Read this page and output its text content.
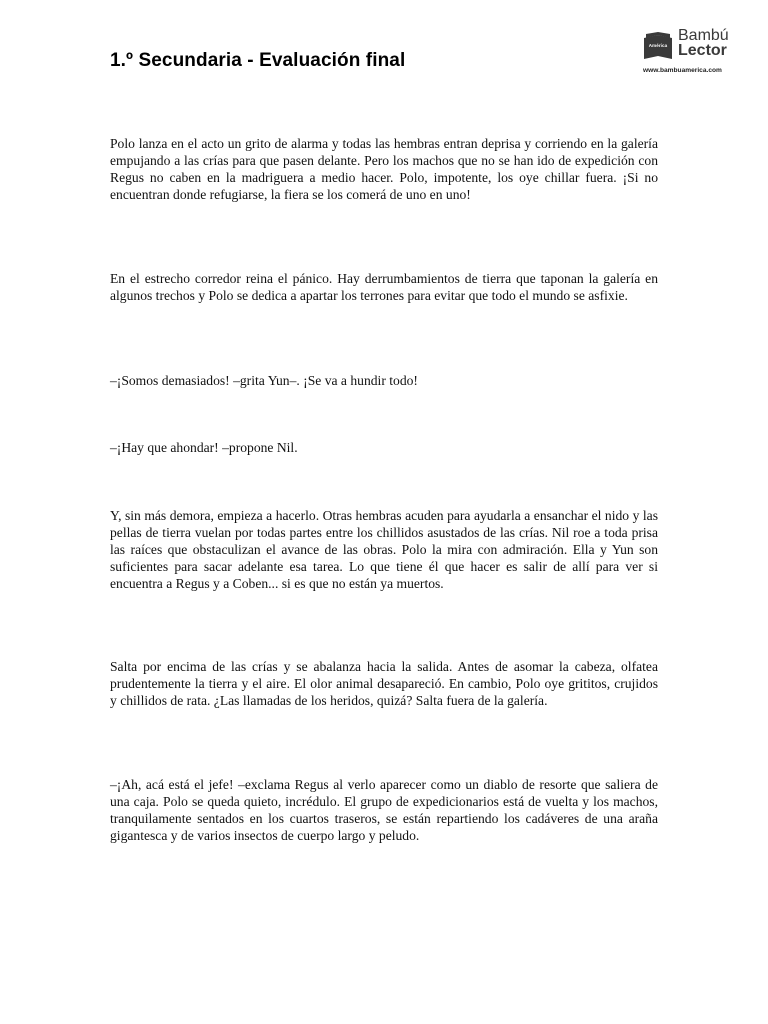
1.º Secundaria - Evaluación final
América
Bambú
Lector
www.bambuamerica.com

Polo lanza en el acto un grito de alarma y todas las hembras entran deprisa y corriendo en la galería empujando a las crías para que pasen delante. Pero los machos que no se han ido de expedición con Regus no caben en la madriguera a medio hacer. Polo, impotente, los oye chillar fuera. ¡Si no encuentran donde refugiarse, la fiera se los comerá de uno en uno!

En el estrecho corredor reina el pánico. Hay derrumbamientos de tierra que taponan la galería en algunos trechos y Polo se dedica a apartar los terrones para evitar que todo el mundo se asfixie.

–¡Somos demasiados! –grita Yun–. ¡Se va a hundir todo!

–¡Hay que ahondar! –propone Nil.

Y, sin más demora, empieza a hacerlo. Otras hembras acuden para ayudarla a ensanchar el nido y las pellas de tierra vuelan por todas partes entre los chillidos asustados de las crías. Nil roe a toda prisa las raíces que obstaculizan el avance de las obras. Polo la mira con admiración. Ella y Yun son suficientes para sacar adelante esa tarea. Lo que tiene él que hacer es salir de allí para ver si encuentra a Regus y a Coben... si es que no están ya muertos.

Salta por encima de las crías y se abalanza hacia la salida. Antes de asomar la cabeza, olfatea prudentemente la tierra y el aire. El olor animal desapareció. En cambio, Polo oye grititos, crujidos y chillidos de rata. ¿Las llamadas de los heridos, quizá? Salta fuera de la galería.

–¡Ah, acá está el jefe! –exclama Regus al verlo aparecer como un diablo de resorte que saliera de una caja. Polo se queda quieto, incrédulo. El grupo de expedicionarios está de vuelta y los machos, tranquilamente sentados en los cuartos traseros, se están repartiendo los cadáveres de una araña gigantesca y de varios insectos de cuerpo largo y peludo.
